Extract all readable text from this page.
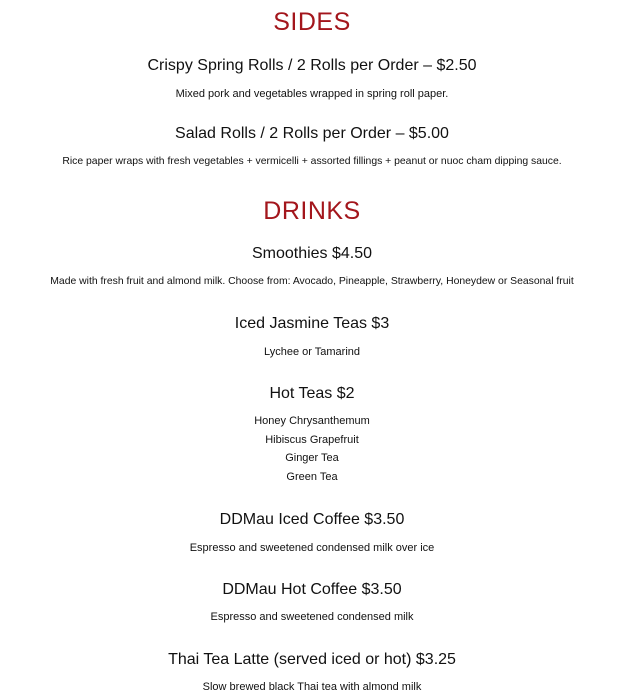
SIDES
Crispy Spring Rolls / 2 Rolls per Order – $2.50
Mixed pork and vegetables wrapped in spring roll paper.
Salad Rolls / 2 Rolls per Order – $5.00
Rice paper wraps with fresh vegetables + vermicelli + assorted fillings + peanut or nuoc cham dipping sauce.
DRINKS
Smoothies $4.50
Made with fresh fruit and almond milk. Choose from: Avocado, Pineapple, Strawberry, Honeydew or Seasonal fruit
Iced Jasmine Teas $3
Lychee or Tamarind
Hot Teas $2
Honey Chrysanthemum
Hibiscus Grapefruit
Ginger Tea
Green Tea
DDMau Iced Coffee $3.50
Espresso and sweetened condensed milk over ice
DDMau Hot Coffee $3.50
Espresso and sweetened condensed milk
Thai Tea Latte (served iced or hot) $3.25
Slow brewed black Thai tea with almond milk
